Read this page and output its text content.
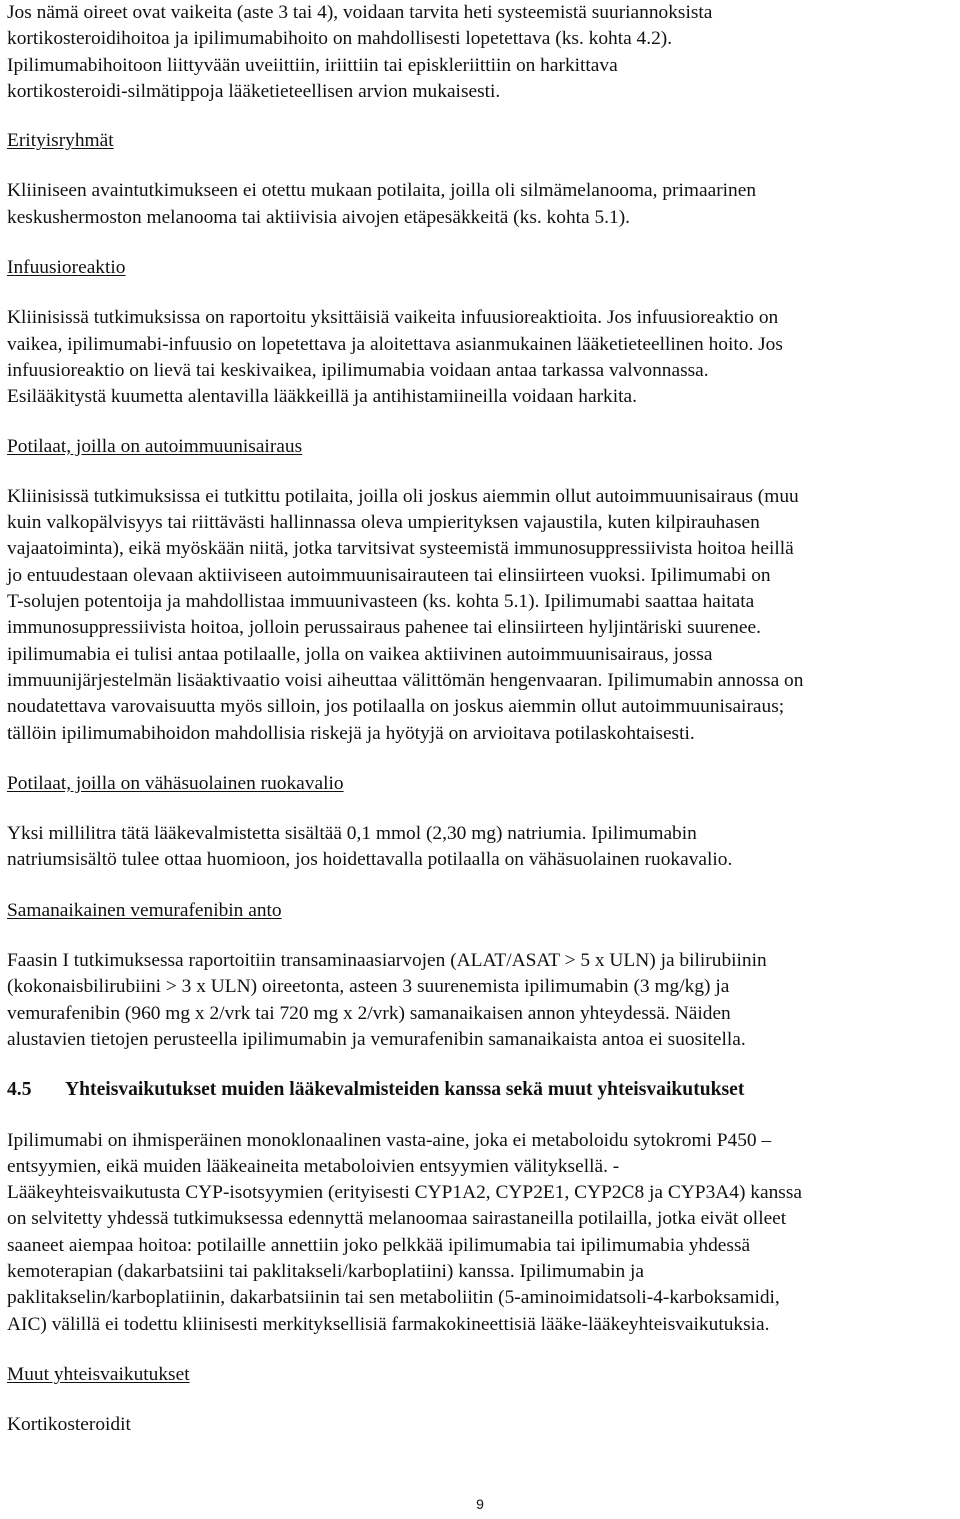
Jos nämä oireet ovat vaikeita (aste 3 tai 4), voidaan tarvita heti systeemistä suuriannoksista
kortikosteroidihoitoa ja ipilimumabihoito on mahdollisesti lopetettava (ks. kohta 4.2).
Ipilimumabihoitoon liittyvään uveiittiin, iriittiin tai episkleriittiin on harkittava
kortikosteroidi-silmätippoja lääketieteellisen arvion mukaisesti.
Erityisryhmät
Kliiniseen avaintutkimukseen ei otettu mukaan potilaita, joilla oli silmämelanooma, primaarinen
keskushermoston melanooma tai aktiivisia aivojen etäpesäkkeitä (ks. kohta 5.1).
Infuusioreaktio
Kliinisissä tutkimuksissa on raportoitu yksittäisiä vaikeita infuusioreaktioita. Jos infuusioreaktio on
vaikea, ipilimumabi-infuusio on lopetettava ja aloitettava asianmukainen lääketieteellinen hoito. Jos
infuusioreaktio on lievä tai keskivaikea, ipilimumabia voidaan antaa tarkassa valvonnassa.
Esilääkitystä kuumetta alentavilla lääkkeillä ja antihistamiineilla voidaan harkita.
Potilaat, joilla on autoimmuunisairaus
Kliinisissä tutkimuksissa ei tutkittu potilaita, joilla oli joskus aiemmin ollut autoimmuunisairaus (muu
kuin valkopälvisyys tai riittävästi hallinnassa oleva umpierityksen vajaustila, kuten kilpirauhasen
vajaatoiminta), eikä myöskään niitä, jotka tarvitsivat systeemistä immunosuppressiivista hoitoa heillä
jo entuudestaan olevaan aktiiviseen autoimmuunisairauteen tai elinsiirteen vuoksi. Ipilimumabi on
T-solujen potentoija ja mahdollistaa immuunivasteen (ks. kohta 5.1). Ipilimumabi saattaa haitata
immunosuppressiivista hoitoa, jolloin perussairaus pahenee tai elinsiirteen hyljintäriski suurenee.
ipilimumabia ei tulisi antaa potilaalle, jolla on vaikea aktiivinen autoimmuunisairaus, jossa
immuunijärjestelmän lisäaktivaatio voisi aiheuttaa välittömän hengenvaaran. Ipilimumabin annossa on
noudatettava varovaisuutta myös silloin, jos potilaalla on joskus aiemmin ollut autoimmuunisairaus;
tällöin ipilimumabihoidon mahdollisia riskejä ja hyötyjä on arvioitava potilaskohtaisesti.
Potilaat, joilla on vähäsuolainen ruokavalio
Yksi millilitra tätä lääkevalmistetta sisältää 0,1 mmol (2,30 mg) natriumia. Ipilimumabin
natriumsisältö tulee ottaa huomioon, jos hoidettavalla potilaalla on vähäsuolainen ruokavalio.
Samanaikainen vemurafenibin anto
Faasin I tutkimuksessa raportoitiin transaminaasiarvojen (ALAT/ASAT > 5 x ULN) ja bilirubiinin
(kokonaisbilirubiini > 3 x ULN) oireetonta, asteen 3 suurenemista ipilimumabin (3 mg/kg) ja
vemurafenibin (960 mg x 2/vrk tai 720 mg x 2/vrk) samanaikaisen annon yhteydessä. Näiden
alustavien tietojen perusteella ipilimumabin ja vemurafenibin samanaikaista antoa ei suositella.
4.5 Yhteisvaikutukset muiden lääkevalmisteiden kanssa sekä muut yhteisvaikutukset
Ipilimumabi on ihmisperäinen monoklonaalinen vasta-aine, joka ei metaboloidu sytokromi P450 –
entsyymien, eikä muiden lääkeaineita metaboloivien entsyymien välityksellä. -
Lääkeyhteisvaikutusta CYP-isotsyymien (erityisesti CYP1A2, CYP2E1, CYP2C8 ja CYP3A4) kanssa
on selvitetty yhdessä tutkimuksessa edennyttä melanoomaa sairastaneilla potilailla, jotka eivät olleet
saaneet aiempaa hoitoa: potilaille annettiin joko pelkkää ipilimumabia tai ipilimumabia yhdessä
kemoterapian (dakarbatsiini tai paklitakseli/karboplatiini) kanssa. Ipilimumabin ja
paklitakselin/karboplatiinin, dakarbatsiinin tai sen metaboliitin (5-aminoimidatsoli-4-karboksamidi,
AIC) välillä ei todettu kliinisesti merkityksellisiä farmakokineettisiä lääke-lääkeyhteisvaikutuksia.
Muut yhteisvaikutukset
Kortikosteroidit
9
